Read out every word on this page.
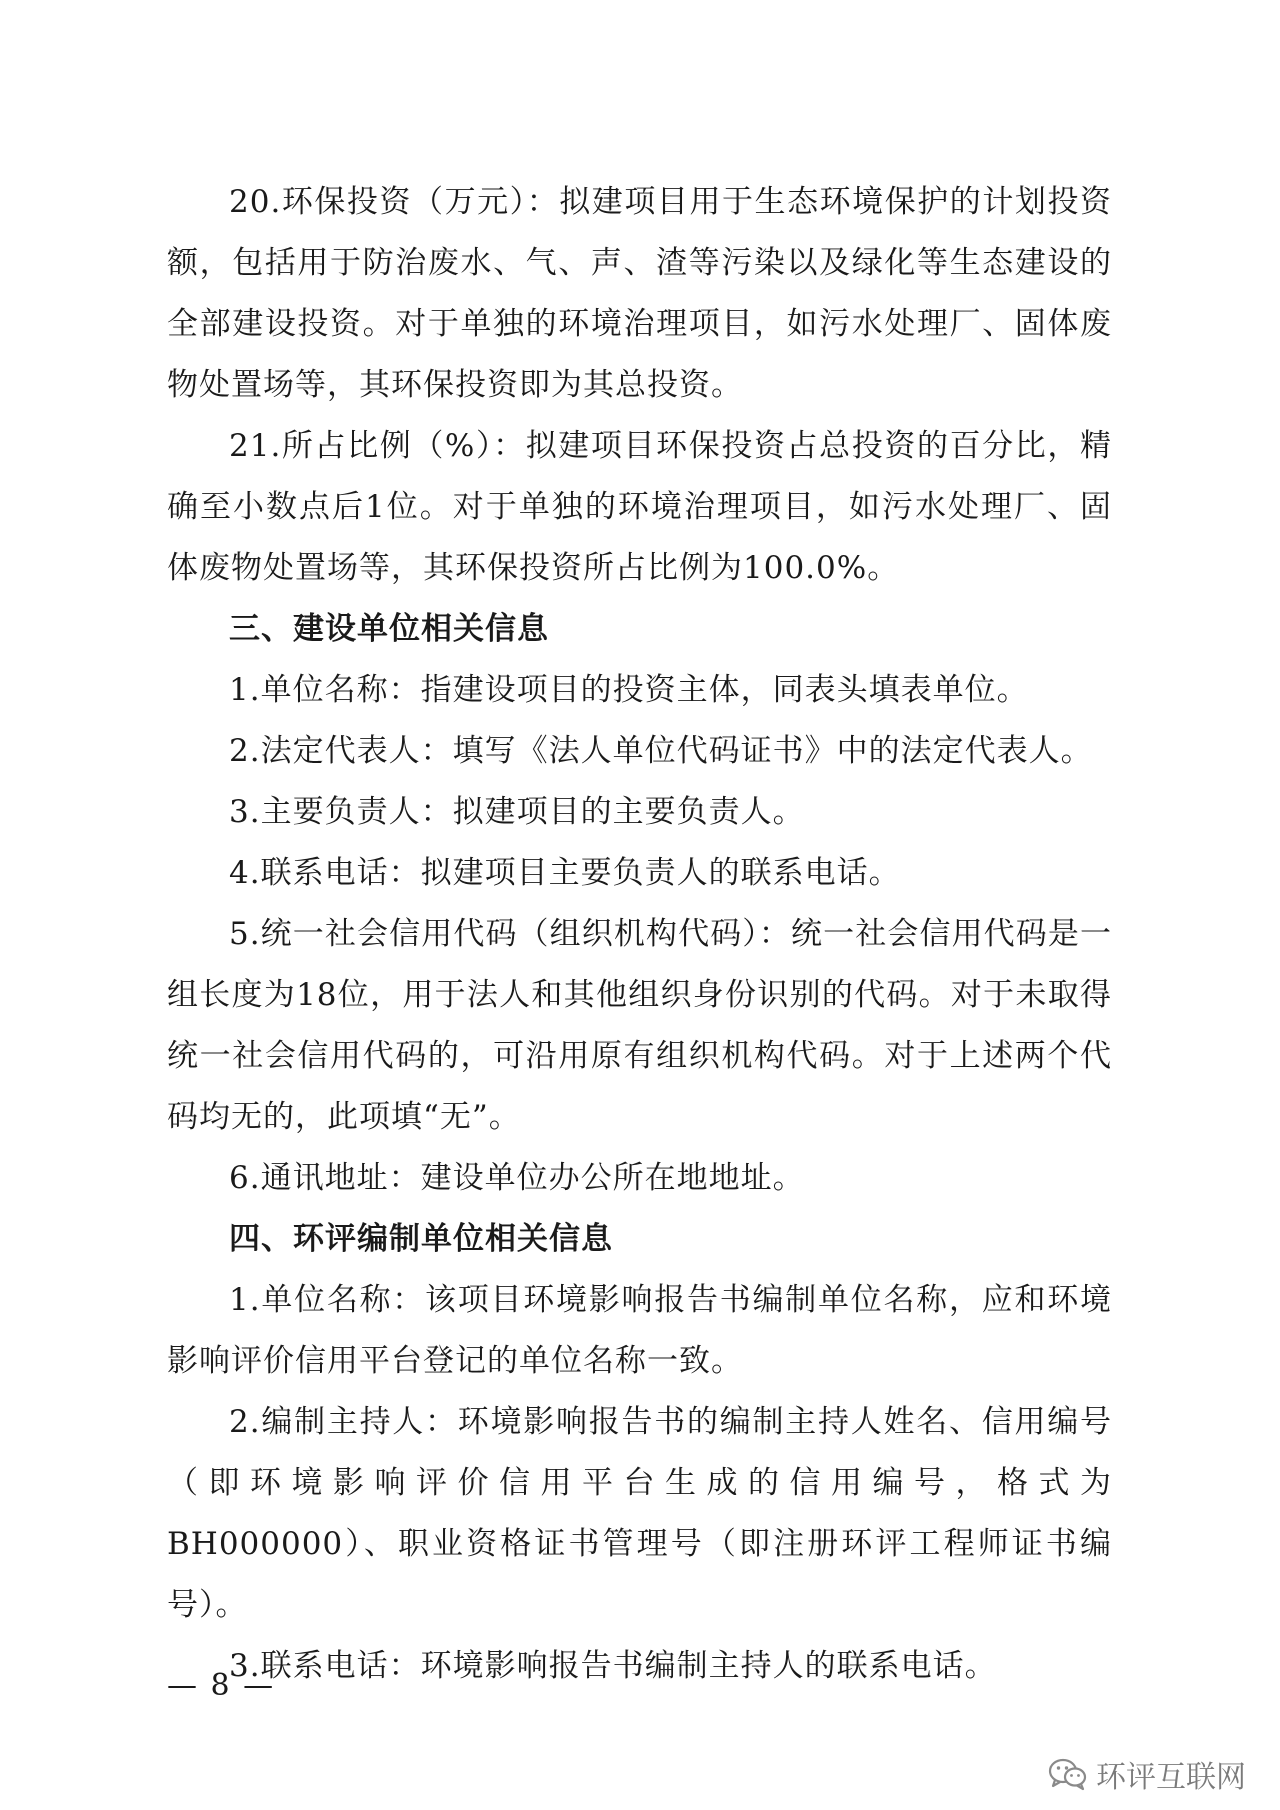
20.环保投资（万元）：拟建项目用于生态环境保护的计划投资额，包括用于防治废水、气、声、渣等污染以及绿化等生态建设的全部建设投资。对于单独的环境治理项目，如污水处理厂、固体废物处置场等，其环保投资即为其总投资。

21.所占比例（%）：拟建项目环保投资占总投资的百分比，精确至小数点后1位。对于单独的环境治理项目，如污水处理厂、固体废物处置场等，其环保投资所占比例为100.0%。

三、建设单位相关信息

1.单位名称：指建设项目的投资主体，同表头填表单位。

2.法定代表人：填写《法人单位代码证书》中的法定代表人。

3.主要负责人：拟建项目的主要负责人。

4.联系电话：拟建项目主要负责人的联系电话。

5.统一社会信用代码（组织机构代码）：统一社会信用代码是一组长度为18位，用于法人和其他组织身份识别的代码。对于未取得统一社会信用代码的，可沿用原有组织机构代码。对于上述两个代码均无的，此项填“无”。

6.通讯地址：建设单位办公所在地地址。

四、环评编制单位相关信息

1.单位名称：该项目环境影响报告书编制单位名称，应和环境影响评价信用平台登记的单位名称一致。

2.编制主持人：环境影响报告书的编制主持人姓名、信用编号（即环境影响评价信用平台生成的信用编号，格式为BH000000）、职业资格证书管理号（即注册环评工程师证书编号）。

3.联系电话：环境影响报告书编制主持人的联系电话。

— 8 —
环评互联网
